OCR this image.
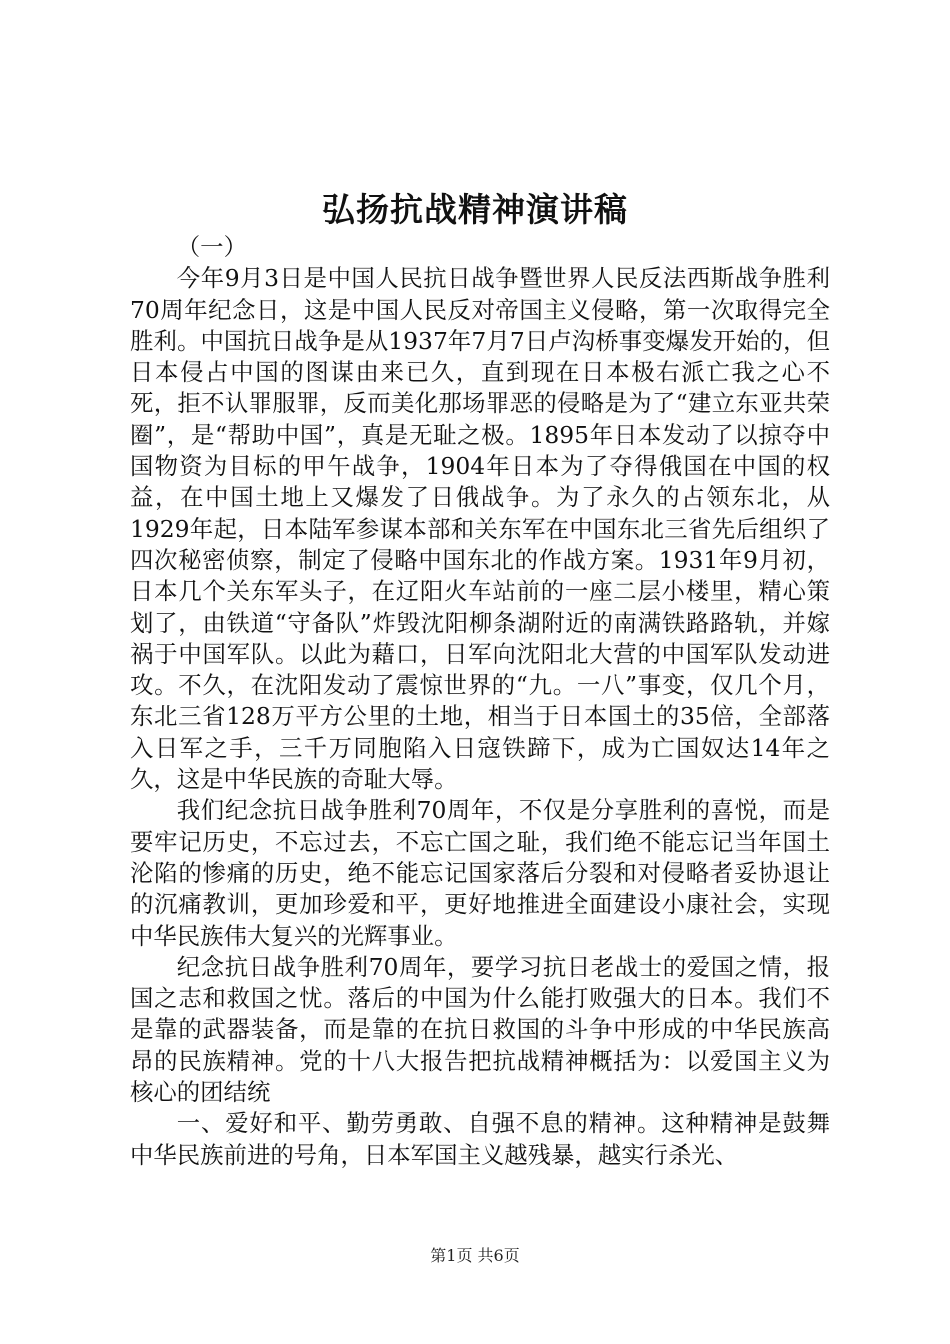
弘扬抗战精神演讲稿

（一）

今年9月3日是中国人民抗日战争暨世界人民反法西斯战争胜利70周年纪念日，这是中国人民反对帝国主义侵略，第一次取得完全胜利。中国抗日战争是从1937年7月7日卢沟桥事变爆发开始的，但日本侵占中国的图谋由来已久，直到现在日本极右派亡我之心不死，拒不认罪服罪，反而美化那场罪恶的侵略是为了“建立东亚共荣圈”，是“帮助中国”，真是无耻之极。1895年日本发动了以掠夺中国物资为目标的甲午战争，1904年日本为了夺得俄国在中国的权益，在中国土地上又爆发了日俄战争。为了永久的占领东北，从1929年起，日本陆军参谋本部和关东军在中国东北三省先后组织了四次秘密侦察，制定了侵略中国东北的作战方案。1931年9月初，日本几个关东军头子，在辽阳火车站前的一座二层小楼里，精心策划了，由铁道“守备队”炸毁沈阳柳条湖附近的南满铁路路轨，并嫁祸于中国军队。以此为藉口，日军向沈阳北大营的中国军队发动进攻。不久，在沈阳发动了震惊世界的“九。一八”事变，仅几个月，东北三省128万平方公里的土地，相当于日本国土的35倍，全部落入日军之手，三千万同胞陷入日寇铁蹄下，成为亡国奴达14年之久，这是中华民族的奇耻大辱。

我们纪念抗日战争胜利70周年，不仅是分享胜利的喜悦，而是要牢记历史，不忘过去，不忘亡国之耻，我们绝不能忘记当年国土沦陷的惨痛的历史，绝不能忘记国家落后分裂和对侵略者妥协退让的沉痛教训，更加珍爱和平，更好地推进全面建设小康社会，实现中华民族伟大复兴的光辉事业。

纪念抗日战争胜利70周年，要学习抗日老战士的爱国之情，报国之志和救国之忧。落后的中国为什么能打败强大的日本。我们不是靠的武器装备，而是靠的在抗日救国的斗争中形成的中华民族高昂的民族精神。党的十八大报告把抗战精神概括为：以爱国主义为核心的团结统

一、爱好和平、勤劳勇敢、自强不息的精神。这种精神是鼓舞中华民族前进的号角，日本军国主义越残暴，越实行杀光、

第1页 共6页
